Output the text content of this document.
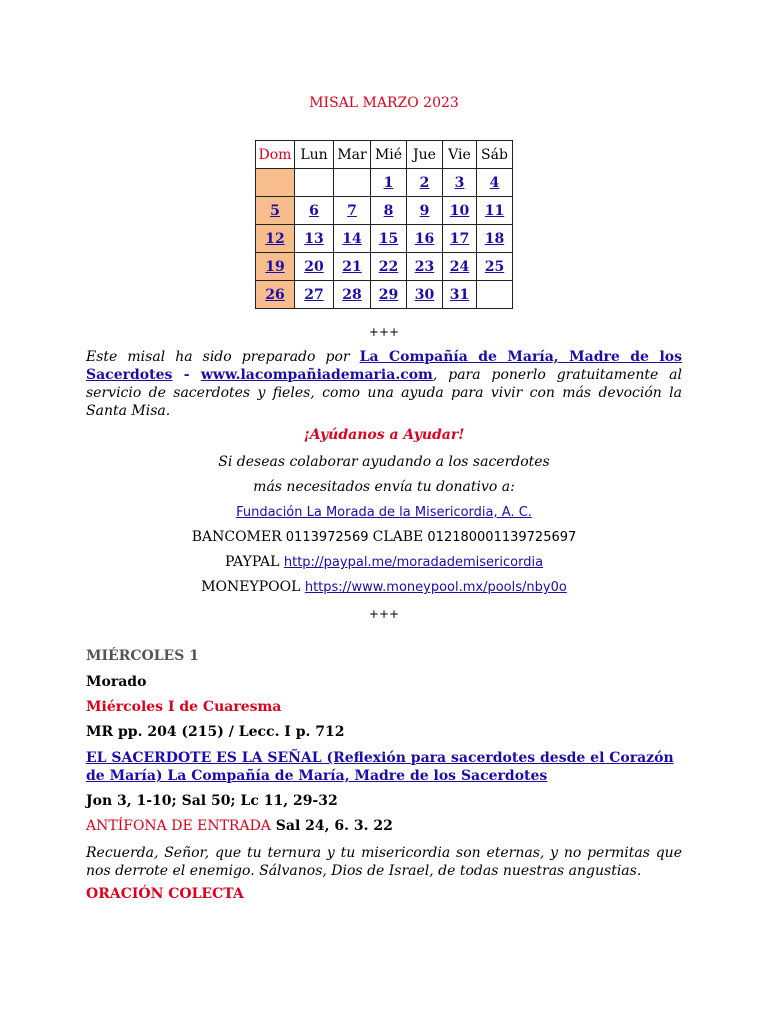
MISAL MARZO 2023
Dom	Lun	Mar	Mié	Jue	Vie	Sáb
			1	2	3	4
5	6	7	8	9	10	11
12	13	14	15	16	17	18
19	20	21	22	23	24	25
26	27	28	29	30	31	
+++
Este misal ha sido preparado por La Compañía de María, Madre de los Sacerdotes - www.lacompañiademaria.com, para ponerlo gratuitamente al servicio de sacerdotes y fieles, como una ayuda para vivir con más devoción la Santa Misa.
¡Ayúdanos a Ayudar!
Si deseas colaborar ayudando a los sacerdotes
más necesitados envía tu donativo a:
Fundación La Morada de la Misericordia, A. C.
BANCOMER 0113972569 CLABE 012180001139725697
PAYPAL http://paypal.me/moradademisericordia
MONEYPOOL https://www.moneypool.mx/pools/nby0o
+++
MIÉRCOLES 1
Morado
Miércoles I de Cuaresma
MR pp. 204 (215) / Lecc. I p. 712
EL SACERDOTE ES LA SEÑAL (Reflexión para sacerdotes desde el Corazón de María) La Compañía de María, Madre de los Sacerdotes
Jon 3, 1-10; Sal 50; Lc 11, 29-32
ANTÍFONA DE ENTRADA Sal 24, 6. 3. 22
Recuerda, Señor, que tu ternura y tu misericordia son eternas, y no permitas que nos derrote el enemigo. Sálvanos, Dios de Israel, de todas nuestras angustias.
ORACIÓN COLECTA
